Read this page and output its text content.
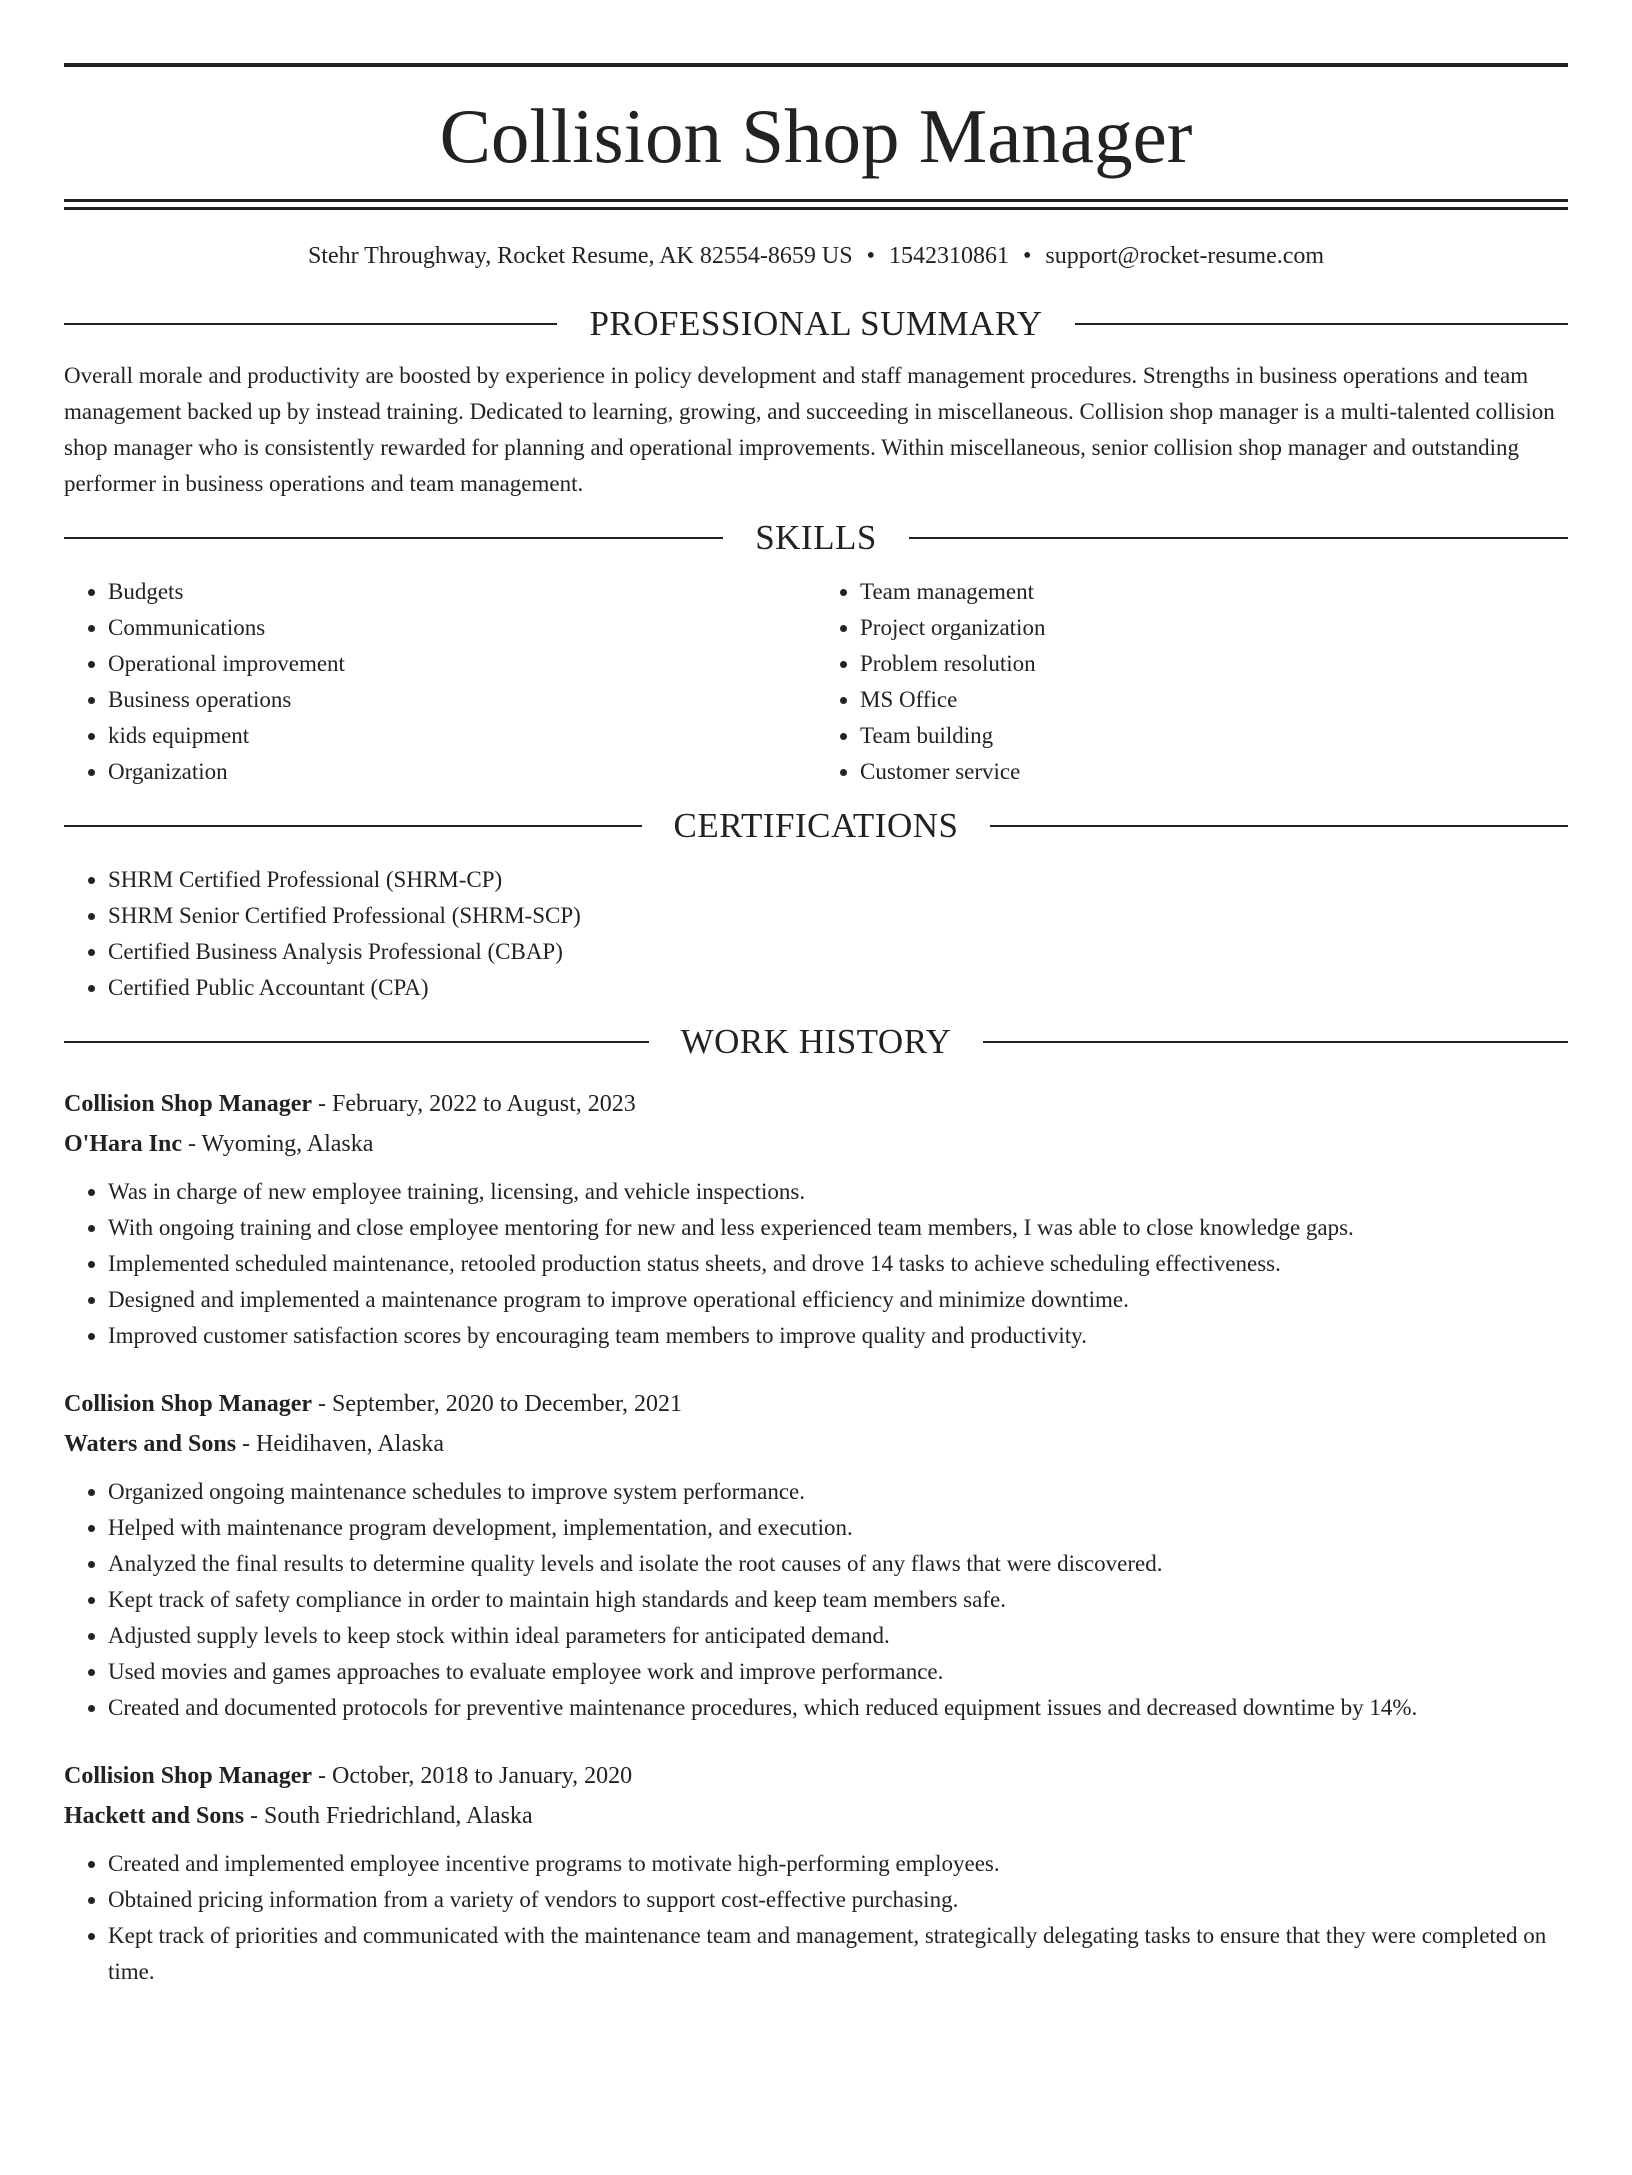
Collision Shop Manager
Stehr Throughway, Rocket Resume, AK 82554-8659 US • 1542310861 • support@rocket-resume.com
PROFESSIONAL SUMMARY

Overall morale and productivity are boosted by experience in policy development and staff management procedures. Strengths in business operations and team management backed up by instead training. Dedicated to learning, growing, and succeeding in miscellaneous. Collision shop manager is a multi-talented collision shop manager who is consistently rewarded for planning and operational improvements. Within miscellaneous, senior collision shop manager and outstanding performer in business operations and team management.

SKILLS
• Budgets
• Communications
• Operational improvement
• Business operations
• kids equipment
• Organization
• Team management
• Project organization
• Problem resolution
• MS Office
• Team building
• Customer service
CERTIFICATIONS
• SHRM Certified Professional (SHRM-CP)
• SHRM Senior Certified Professional (SHRM-SCP)
• Certified Business Analysis Professional (CBAP)
• Certified Public Accountant (CPA)
WORK HISTORY
Collision Shop Manager - February, 2022 to August, 2023
O'Hara Inc - Wyoming, Alaska
• Was in charge of new employee training, licensing, and vehicle inspections.
• With ongoing training and close employee mentoring for new and less experienced team members, I was able to close knowledge gaps.
• Implemented scheduled maintenance, retooled production status sheets, and drove 14 tasks to achieve scheduling effectiveness.
• Designed and implemented a maintenance program to improve operational efficiency and minimize downtime.
• Improved customer satisfaction scores by encouraging team members to improve quality and productivity.
Collision Shop Manager - September, 2020 to December, 2021
Waters and Sons - Heidihaven, Alaska
• Organized ongoing maintenance schedules to improve system performance.
• Helped with maintenance program development, implementation, and execution.
• Analyzed the final results to determine quality levels and isolate the root causes of any flaws that were discovered.
• Kept track of safety compliance in order to maintain high standards and keep team members safe.
• Adjusted supply levels to keep stock within ideal parameters for anticipated demand.
• Used movies and games approaches to evaluate employee work and improve performance.
• Created and documented protocols for preventive maintenance procedures, which reduced equipment issues and decreased downtime by 14%.
Collision Shop Manager - October, 2018 to January, 2020
Hackett and Sons - South Friedrichland, Alaska
• Created and implemented employee incentive programs to motivate high-performing employees.
• Obtained pricing information from a variety of vendors to support cost-effective purchasing.
• Kept track of priorities and communicated with the maintenance team and management, strategically delegating tasks to ensure that they were completed on time.
